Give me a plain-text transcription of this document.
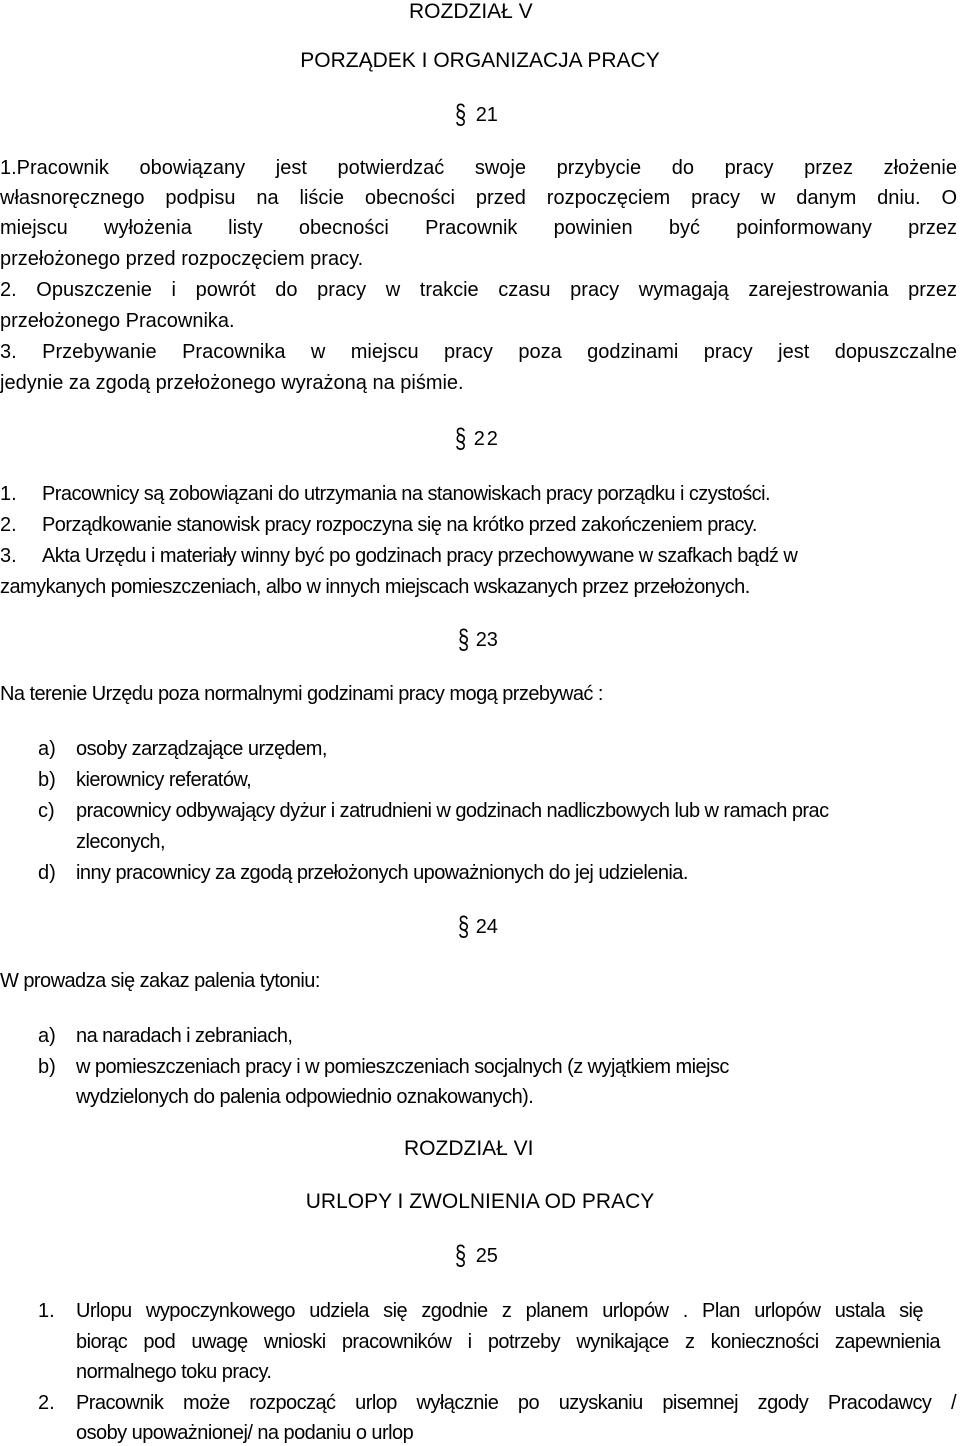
ROZDZIAŁ V
PORZĄDEK I ORGANIZACJA PRACY
§ 21
1.Pracownik obowiązany jest potwierdzać swoje przybycie do pracy przez złożenie
własnoręcznego podpisu na liście obecności przed rozpoczęciem pracy w danym dniu. O
miejscu wyłożenia listy obecności Pracownik powinien być poinformowany przez
przełożonego przed rozpoczęciem pracy.
2. Opuszczenie i powrót do pracy w trakcie czasu pracy wymagają zarejestrowania przez
przełożonego Pracownika.
3. Przebywanie Pracownika w miejscu pracy poza godzinami pracy jest dopuszczalne
jedynie za zgodą przełożonego wyrażoną na piśmie.
§ 22
1. Pracownicy są zobowiązani do utrzymania na stanowiskach pracy porządku i czystości.
2. Porządkowanie stanowisk pracy rozpoczyna się na krótko przed zakończeniem pracy.
3. Akta Urzędu i materiały winny być po godzinach pracy przechowywane w szafkach bądź w
zamykanych pomieszczeniach, albo w innych miejscach wskazanych przez przełożonych.
§ 23
Na terenie Urzędu poza normalnymi godzinami pracy mogą przebywać :
a) osoby zarządzające urzędem,
b) kierownicy referatów,
c) pracownicy odbywający dyżur i zatrudnieni w godzinach nadliczbowych lub w ramach prac
zleconych,
d) inny pracownicy za zgodą przełożonych upoważnionych do jej udzielenia.
§ 24
W prowadza się zakaz palenia tytoniu:
a) na naradach i zebraniach,
b) w pomieszczeniach pracy i w pomieszczeniach socjalnych (z wyjątkiem miejsc
wydzielonych do palenia odpowiednio oznakowanych).
ROZDZIAŁ VI
URLOPY I ZWOLNIENIA OD PRACY
§ 25
1. Urlopu wypoczynkowego udziela się zgodnie z planem urlopów . Plan urlopów ustala się
biorąc pod uwagę wnioski pracowników i potrzeby wynikające z konieczności zapewnienia
normalnego toku pracy.
2. Pracownik może rozpocząć urlop wyłącznie po uzyskaniu pisemnej zgody Pracodawcy /
osoby upoważnionej/ na podaniu o urlop
